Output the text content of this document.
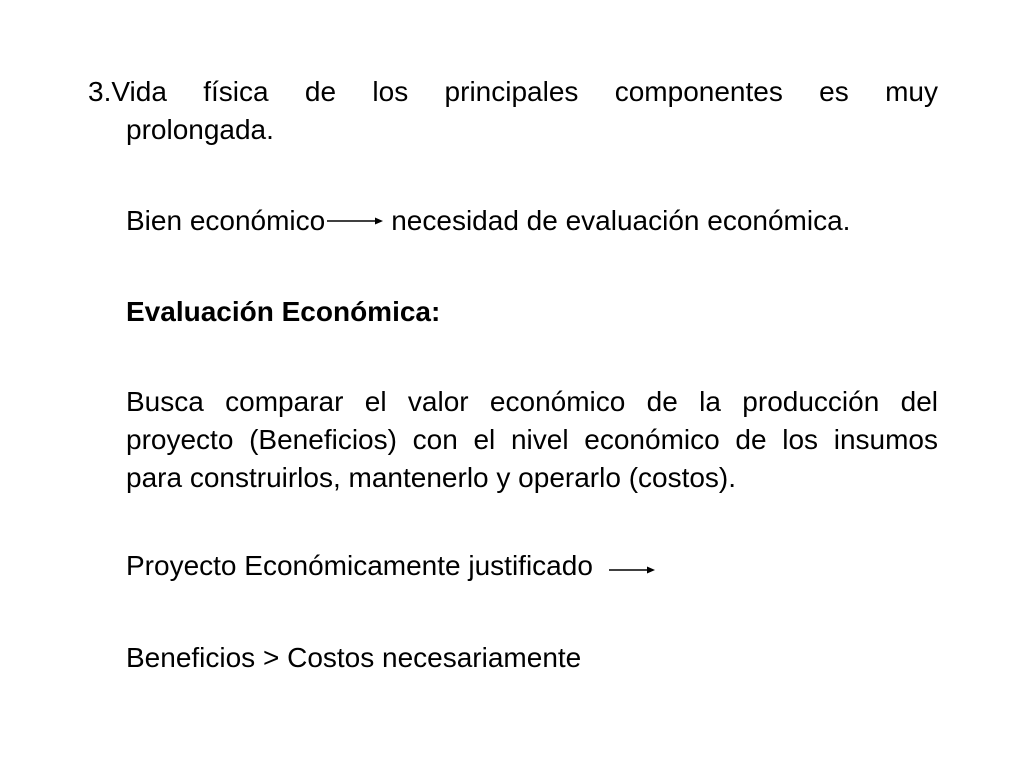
3. Vida física de los principales componentes es muy
prolongada.
Bien económico necesidad de evaluación económica.
Evaluación Económica:
Busca comparar el valor económico de la producción del proyecto (Beneficios) con el nivel económico de los insumos para construirlos, mantenerlo y operarlo (costos).
Proyecto Económicamente justificado
Beneficios > Costos necesariamente
